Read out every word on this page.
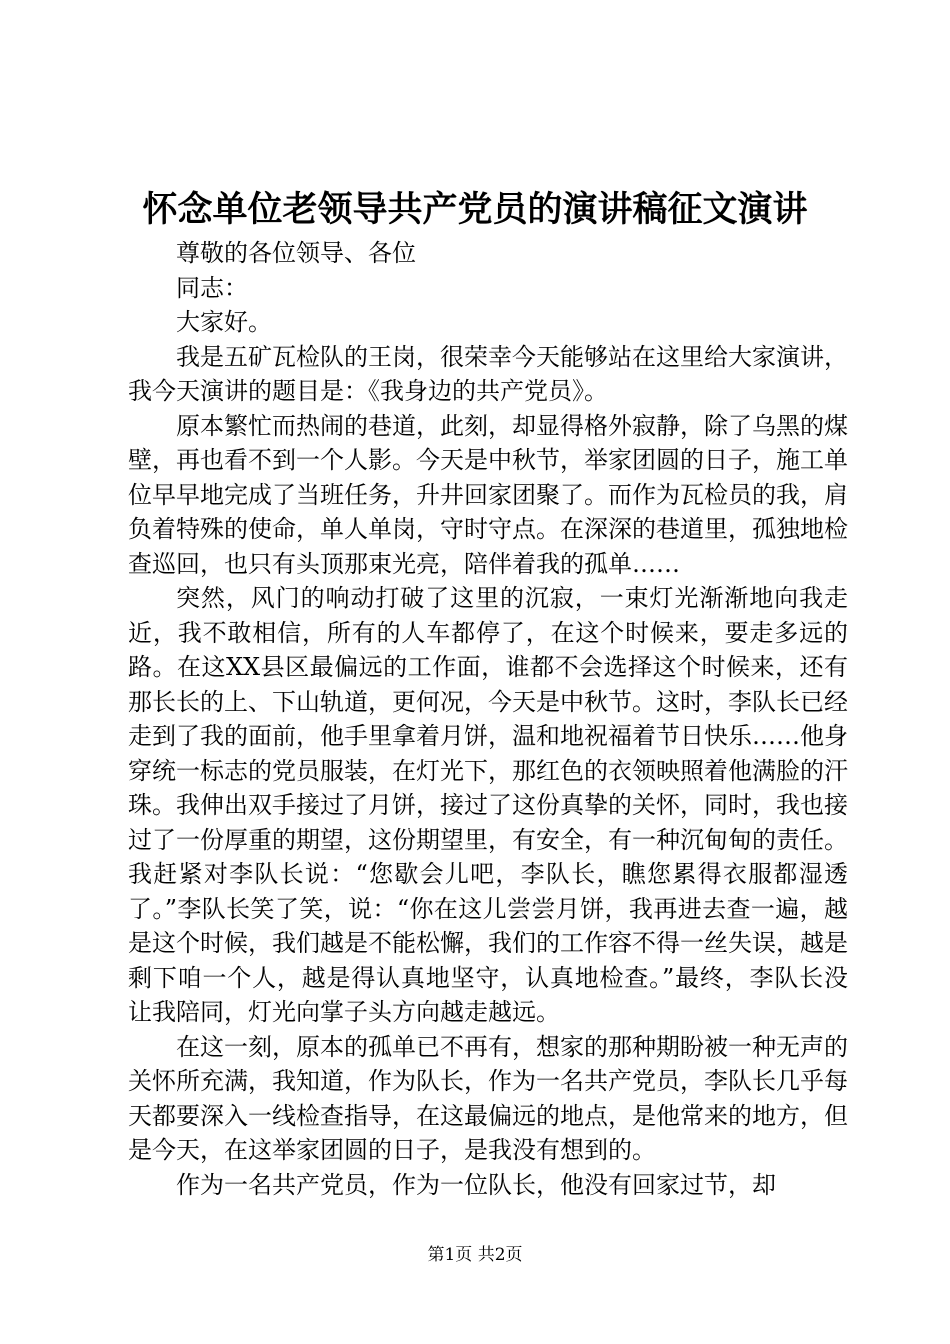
怀念单位老领导共产党员的演讲稿征文演讲

尊敬的各位领导、各位

同志：

大家好。

我是五矿瓦检队的王岗，很荣幸今天能够站在这里给大家演讲，我今天演讲的题目是：《我身边的共产党员》。

原本繁忙而热闹的巷道，此刻，却显得格外寂静，除了乌黑的煤壁，再也看不到一个人影。今天是中秋节，举家团圆的日子，施工单位早早地完成了当班任务，升井回家团聚了。而作为瓦检员的我，肩负着特殊的使命，单人单岗，守时守点。在深深的巷道里，孤独地检查巡回，也只有头顶那束光亮，陪伴着我的孤单……

突然，风门的响动打破了这里的沉寂，一束灯光渐渐地向我走近，我不敢相信，所有的人车都停了，在这个时候来，要走多远的路。在这XX县区最偏远的工作面，谁都不会选择这个时候来，还有那长长的上、下山轨道，更何况，今天是中秋节。这时，李队长已经走到了我的面前，他手里拿着月饼，温和地祝福着节日快乐……他身穿统一标志的党员服装，在灯光下，那红色的衣领映照着他满脸的汗珠。我伸出双手接过了月饼，接过了这份真挚的关怀，同时，我也接过了一份厚重的期望，这份期望里，有安全，有一种沉甸甸的责任。我赶紧对李队长说：“您歇会儿吧，李队长，瞧您累得衣服都湿透了。”李队长笑了笑，说：“你在这儿尝尝月饼，我再进去查一遍，越是这个时候，我们越是不能松懈，我们的工作容不得一丝失误，越是剩下咱一个人，越是得认真地坚守，认真地检查。”最终，李队长没让我陪同，灯光向掌子头方向越走越远。

在这一刻，原本的孤单已不再有，想家的那种期盼被一种无声的关怀所充满，我知道，作为队长，作为一名共产党员，李队长几乎每天都要深入一线检查指导，在这最偏远的地点，是他常来的地方，但是今天，在这举家团圆的日子，是我没有想到的。

作为一名共产党员，作为一位队长，他没有回家过节，却

第1页 共2页
